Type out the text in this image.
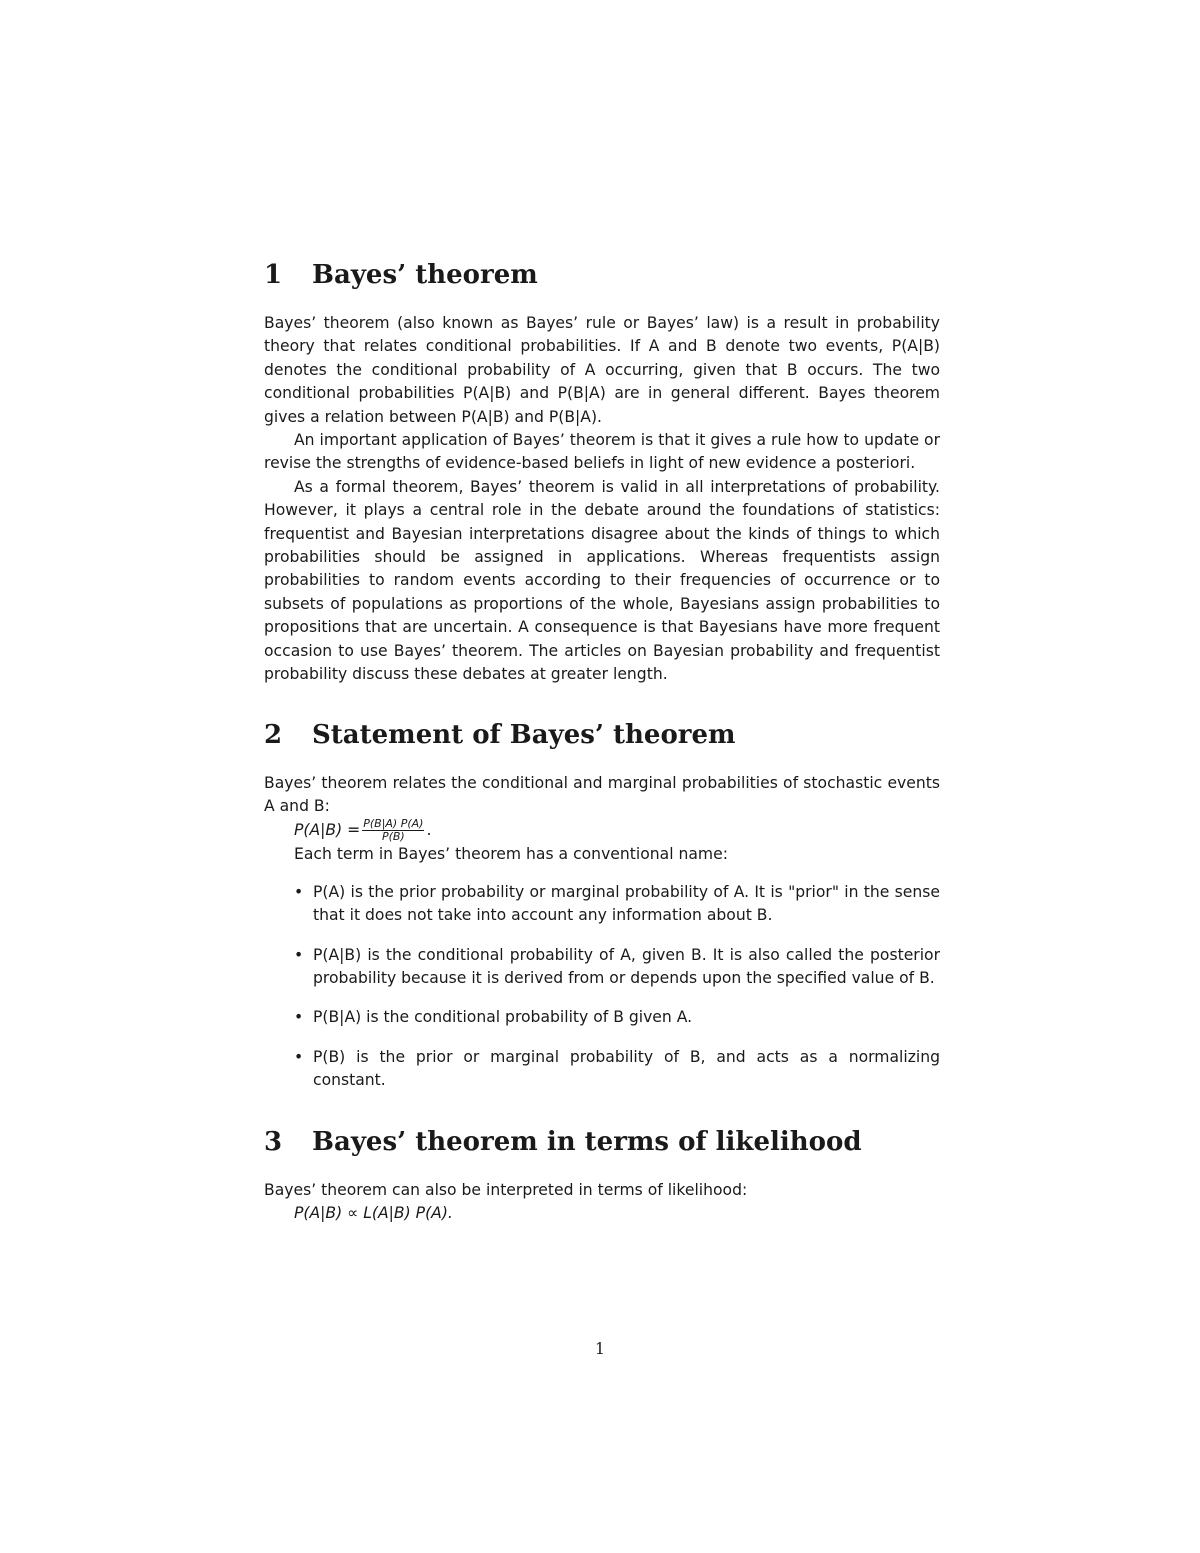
1	Bayes’ theorem

Bayes’ theorem (also known as Bayes’ rule or Bayes’ law) is a result in probability theory that relates conditional probabilities. If A and B denote two events, P(A|B) denotes the conditional probability of A occurring, given that B occurs. The two conditional probabilities P(A|B) and P(B|A) are in general different. Bayes theorem gives a relation between P(A|B) and P(B|A).

An important application of Bayes’ theorem is that it gives a rule how to update or revise the strengths of evidence-based beliefs in light of new evidence a posteriori.

As a formal theorem, Bayes’ theorem is valid in all interpretations of probability. However, it plays a central role in the debate around the foundations of statistics: frequentist and Bayesian interpretations disagree about the kinds of things to which probabilities should be assigned in applications. Whereas frequentists assign probabilities to random events according to their frequencies of occurrence or to subsets of populations as proportions of the whole, Bayesians assign probabilities to propositions that are uncertain. A consequence is that Bayesians have more frequent occasion to use Bayes’ theorem. The articles on Bayesian probability and frequentist probability discuss these debates at greater length.

2	Statement of Bayes’ theorem

Bayes’ theorem relates the conditional and marginal probabilities of stochastic events A and B:

$P(A|B) = \frac{P(B|A) P(A)}{P(B)}$ .

Each term in Bayes’ theorem has a conventional name:

• P(A) is the prior probability or marginal probability of A. It is "prior" in the sense that it does not take into account any information about B.
• P(A|B) is the conditional probability of A, given B. It is also called the posterior probability because it is derived from or depends upon the specified value of B.
• P(B|A) is the conditional probability of B given A.
• P(B) is the prior or marginal probability of B, and acts as a normalizing constant.
3	Bayes’ theorem in terms of likelihood

Bayes’ theorem can also be interpreted in terms of likelihood:

P(A|B) ∝ L(A|B) P(A).
1
